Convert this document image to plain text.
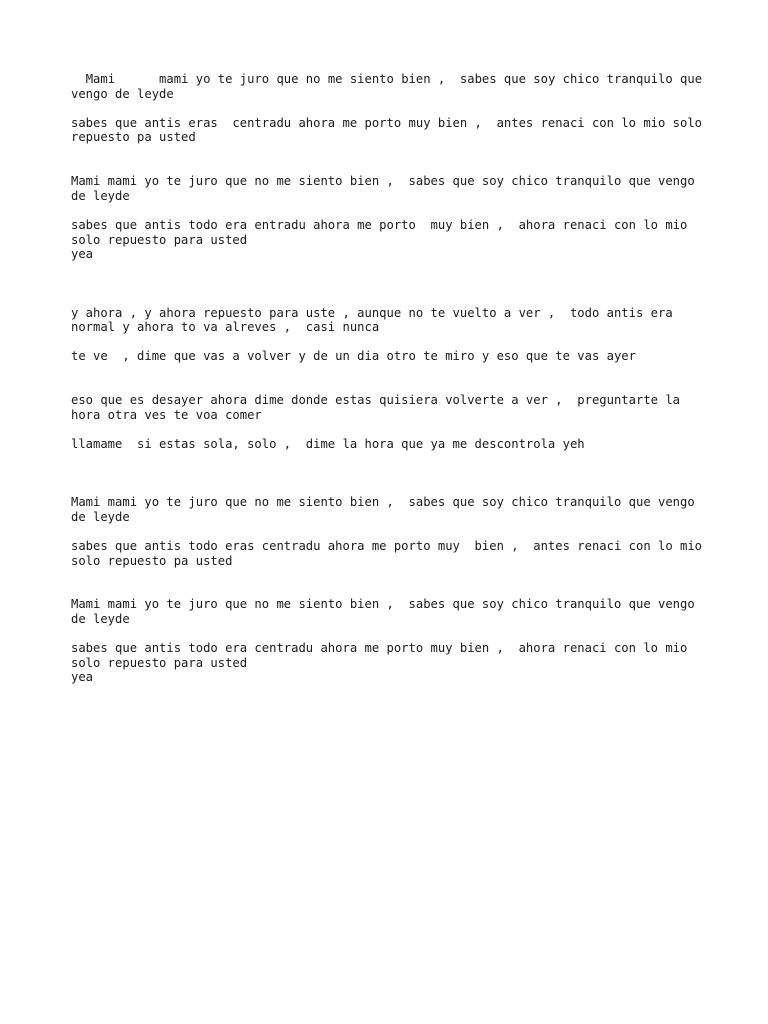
Mami      mami yo te juro que no me siento bien ,  sabes que soy chico tranquilo que vengo de leyde

sabes que antis eras  centradu ahora me porto muy bien ,  antes renaci con lo mio solo repuesto pa usted

Mami mami yo te juro que no me siento bien ,  sabes que soy chico tranquilo que vengo de leyde

sabes que antis todo era entradu ahora me porto  muy bien ,  ahora renaci con lo mio solo repuesto para usted
yea

y ahora , y ahora repuesto para uste , aunque no te vuelto a ver ,  todo antis era normal y ahora to va alreves ,  casi nunca

te ve  , dime que vas a volver y de un dia otro te miro y eso que te vas ayer

eso que es desayer ahora dime donde estas quisiera volverte a ver ,  preguntarte la hora otra ves te voa comer

llamame  si estas sola, solo ,  dime la hora que ya me descontrola yeh

Mami mami yo te juro que no me siento bien ,  sabes que soy chico tranquilo que vengo de leyde

sabes que antis todo eras centradu ahora me porto muy  bien ,  antes renaci con lo mio solo repuesto pa usted

Mami mami yo te juro que no me siento bien ,  sabes que soy chico tranquilo que vengo de leyde

sabes que antis todo era centradu ahora me porto muy bien ,  ahora renaci con lo mio solo repuesto para usted
yea
